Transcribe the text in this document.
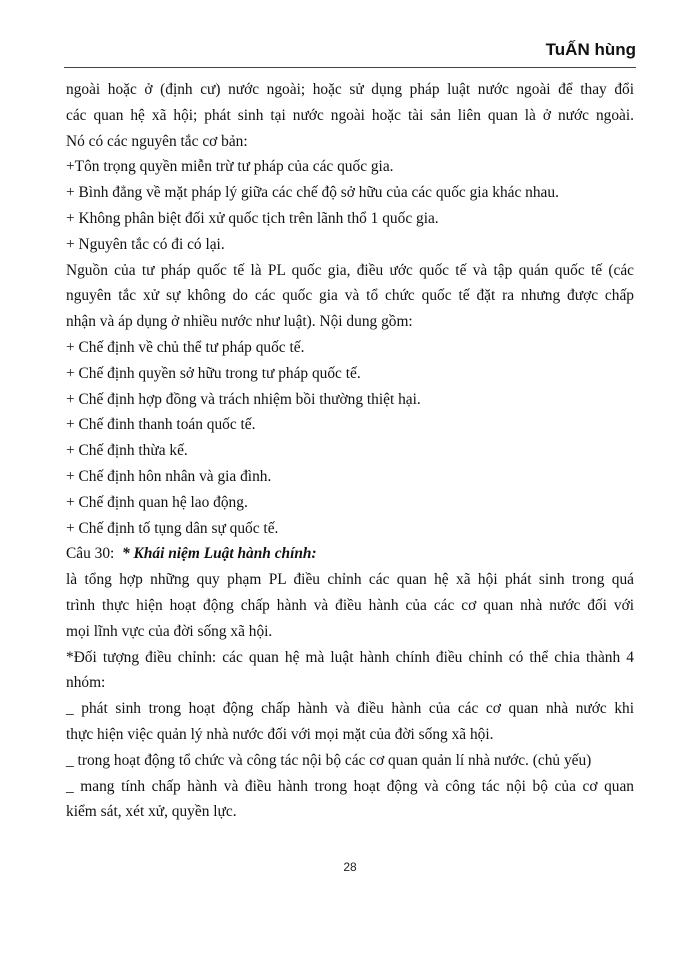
TuẤN hùng

ngoài hoặc ở (định cư) nước ngoài; hoặc sử dụng pháp luật nước ngoài để thay đổi

các quan hệ xã hội; phát sinh tại nước ngoài hoặc tài sản liên quan là ở nước ngoài.

Nó có các nguyên tắc cơ bản:

+Tôn trọng quyền miễn trừ tư pháp của các quốc gia.

+ Bình đẳng về mặt pháp lý giữa các chế độ sở hữu của các quốc gia khác nhau.

+ Không phân biệt đối xử quốc tịch trên lãnh thổ 1 quốc gia.

+ Nguyên tắc có đi có lại.

Nguồn của tư pháp quốc tế là PL quốc gia, điều ước quốc tế và tập quán quốc tế (các

nguyên tắc xử sự không do các quốc gia và tổ chức quốc tế đặt ra nhưng được chấp

nhận và áp dụng ở nhiều nước như luật). Nội dung gồm:

+ Chế định về chủ thể tư pháp quốc tế.

+ Chế định quyền sở hữu trong tư pháp quốc tế.

+ Chế định hợp đồng và trách nhiệm bồi thường thiệt hại.

+ Chế đinh thanh toán quốc tế.

+ Chế định thừa kế.

+ Chế định hôn nhân và gia đình.

+ Chế định quan hệ lao động.

+ Chế định tố tụng dân sự quốc tế.

Câu 30: * Khái niệm Luật hành chính:

là tổng hợp những quy phạm PL điều chỉnh các quan hệ xã hội phát sinh trong quá

trình thực hiện hoạt động chấp hành và điều hành của các cơ quan nhà nước đối với

mọi lĩnh vực của đời sống xã hội.

*Đối tượng điều chỉnh: các quan hệ mà luật hành chính điều chỉnh có thể chia thành 4

nhóm:

_ phát sinh trong hoạt động chấp hành và điều hành của các cơ quan nhà nước khi

thực hiện việc quản lý nhà nước đối với mọi mặt của đời sống xã hội.

_ trong hoạt động tổ chức và công tác nội bộ các cơ quan quản lí nhà nước. (chủ yếu)

_ mang tính chấp hành và điều hành trong hoạt động và công tác nội bộ của cơ quan

kiểm sát, xét xử, quyền lực.

28
